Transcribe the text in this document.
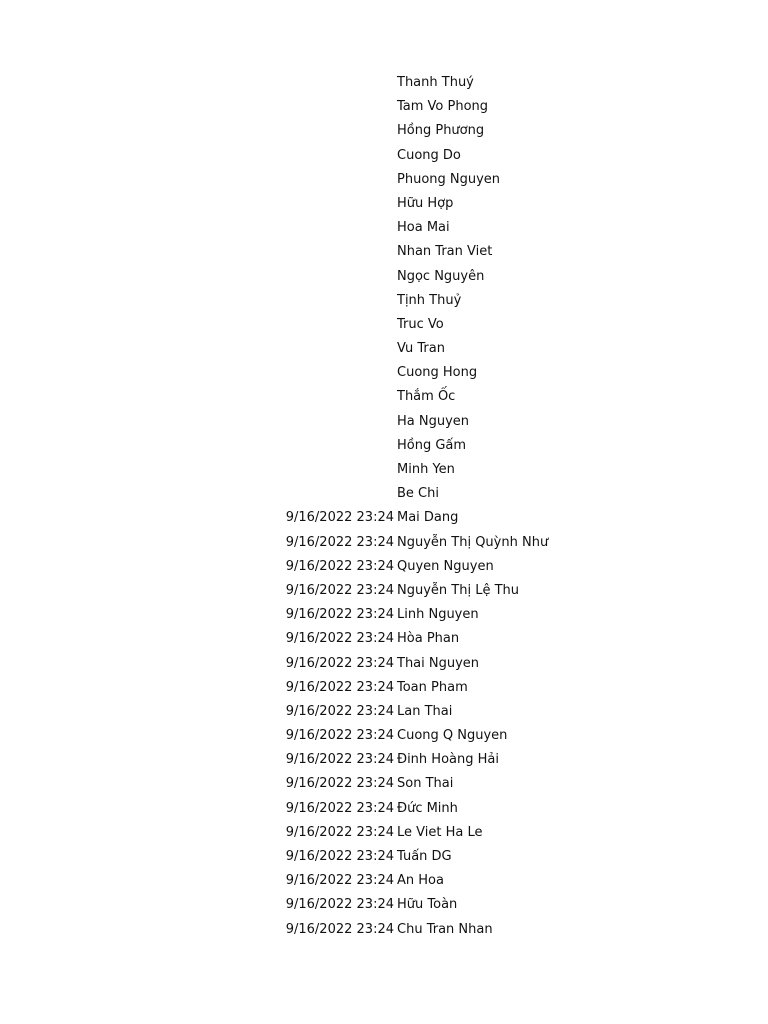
Thanh Thuý
Tam Vo Phong
Hồng Phương
Cuong Do
Phuong Nguyen
Hữu Hợp
Hoa Mai
Nhan Tran Viet
Ngọc Nguyên
Tịnh Thuỷ
Truc Vo
Vu Tran
Cuong Hong
Thắm Ốc
Ha Nguyen
Hồng Gấm
Minh Yen
Be Chi
9/16/2022 23:24 Mai Dang
9/16/2022 23:24 Nguyễn Thị Quỳnh Như
9/16/2022 23:24 Quyen Nguyen
9/16/2022 23:24 Nguyễn Thị Lệ Thu
9/16/2022 23:24 Linh Nguyen
9/16/2022 23:24 Hòa Phan
9/16/2022 23:24 Thai Nguyen
9/16/2022 23:24 Toan Pham
9/16/2022 23:24 Lan Thai
9/16/2022 23:24 Cuong Q Nguyen
9/16/2022 23:24 Đinh Hoàng Hải
9/16/2022 23:24 Son Thai
9/16/2022 23:24 Đức Minh
9/16/2022 23:24 Le Viet Ha Le
9/16/2022 23:24 Tuấn DG
9/16/2022 23:24 An Hoa
9/16/2022 23:24 Hữu Toàn
9/16/2022 23:24 Chu Tran Nhan
